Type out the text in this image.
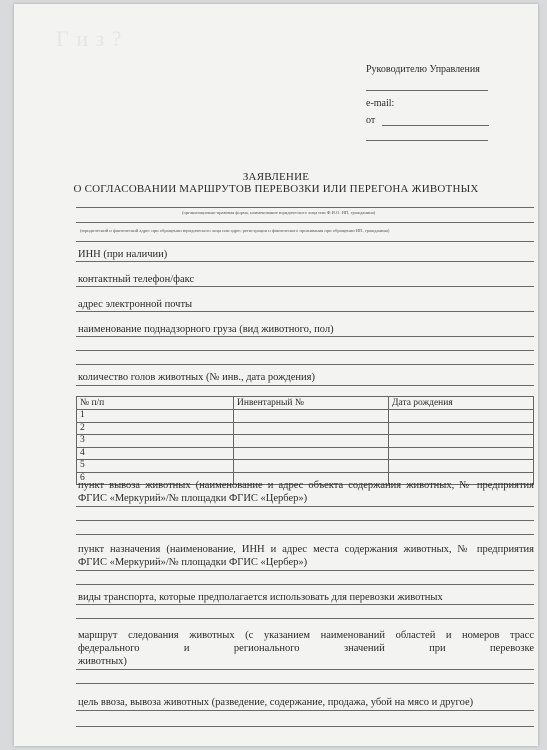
Г и з ?
Руководителю Управления
e-mail:
от
ЗАЯВЛЕНИЕ
О СОГЛАСОВАНИИ МАРШРУТОВ ПЕРЕВОЗКИ ИЛИ ПЕРЕГОНА ЖИВОТНЫХ
(организационно-правовая форма, наименование юридического лица или Ф.И.О. ИП, гражданина)
(юридический и фактический адрес при обращении юридического лица или адрес регистрации и фактического проживания при обращении ИП, гражданина)
ИНН (при наличии)
контактный телефон/факс
адрес электронной почты
наименование поднадзорного груза (вид животного, пол)
количество голов животных (№ инв., дата рождения)
№ п/п	Инвентарный №	Дата рождения
1		
2		
3		
4		
5		
6		
пункт вывоза животных (наименование и адрес объекта содержания животных, № предприятия
ФГИС «Меркурий»/№ площадки ФГИС «Цербер»)
пункт назначения (наименование, ИНН и адрес места содержания животных, № предприятия
ФГИС «Меркурий»/№ площадки ФГИС «Цербер»)
виды транспорта, которые предполагается использовать для перевозки животных
маршрут следования животных (с указанием наименований областей и номеров трасс
федерального	и	регионального	значений	при	перевозке
животных)
цель ввоза, вывоза животных (разведение, содержание, продажа, убой на мясо и другое)
